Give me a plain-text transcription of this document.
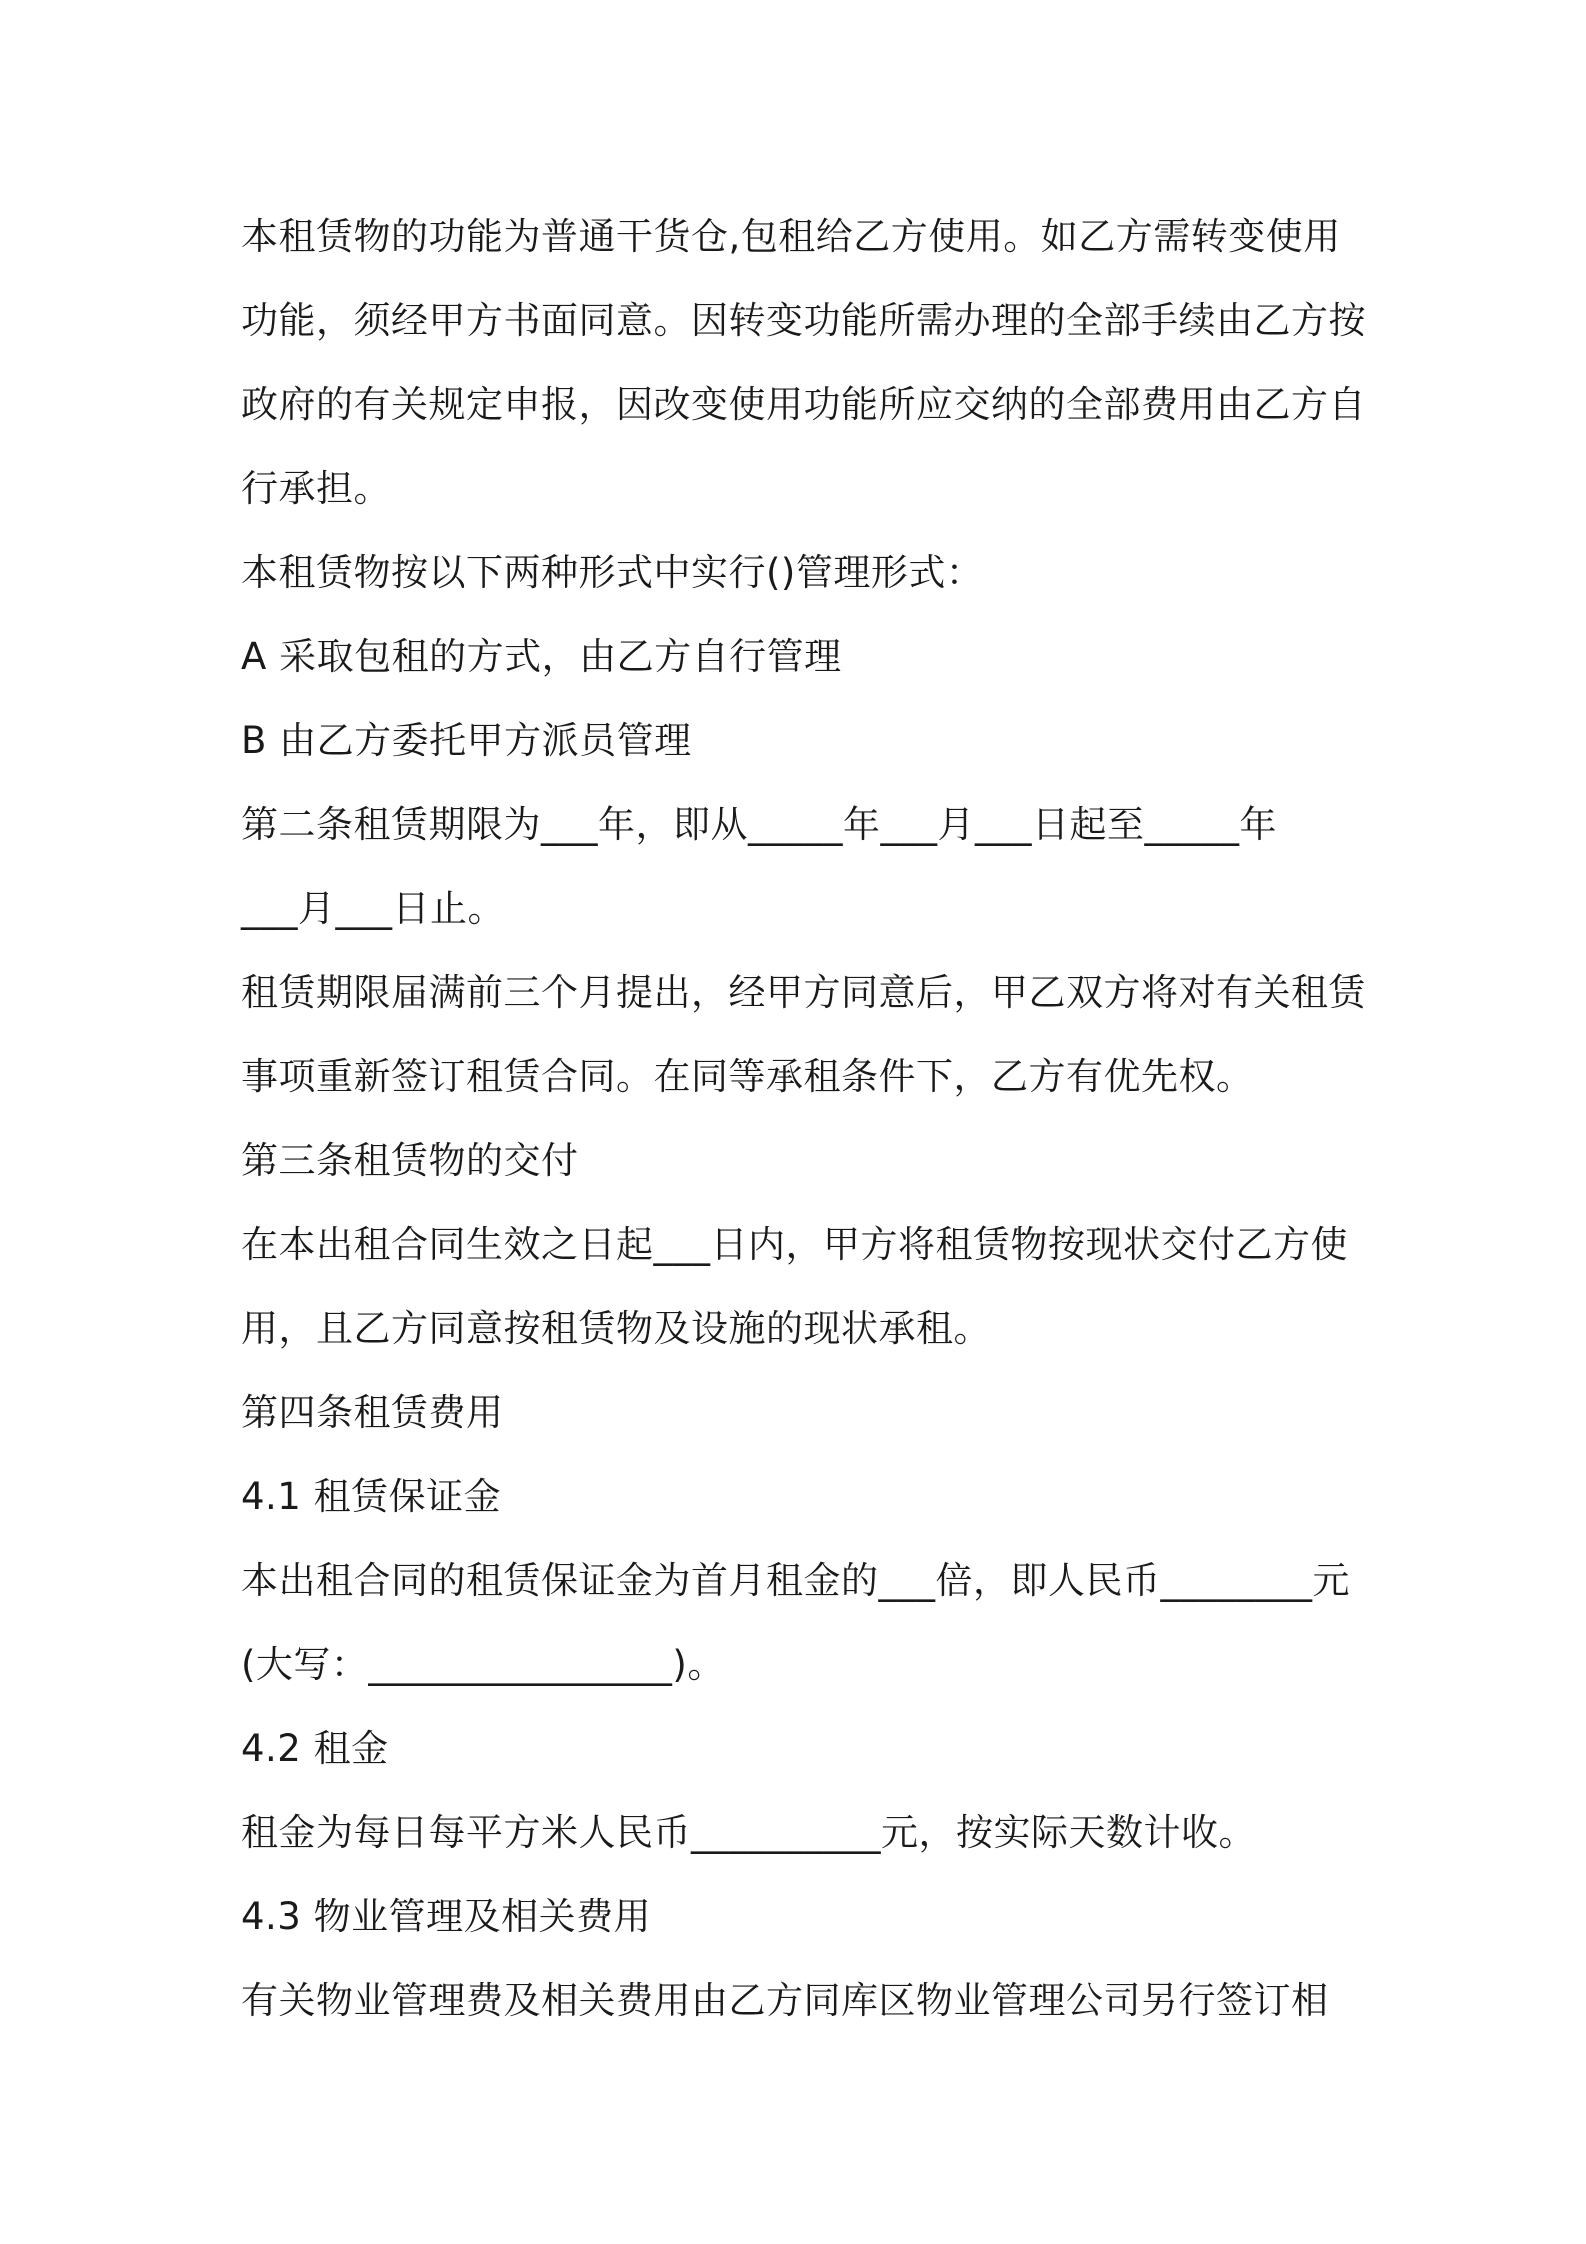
本租赁物的功能为普通干货仓,包租给乙方使用。如乙方需转变使用
功能，须经甲方书面同意。因转变功能所需办理的全部手续由乙方按
政府的有关规定申报，因改变使用功能所应交纳的全部费用由乙方自
行承担。
本租赁物按以下两种形式中实行()管理形式：
A 采取包租的方式，由乙方自行管理
B 由乙方委托甲方派员管理
第二条租赁期限为___年，即从_____年___月___日起至_____年
___月___日止。
租赁期限届满前三个月提出，经甲方同意后，甲乙双方将对有关租赁
事项重新签订租赁合同。在同等承租条件下，乙方有优先权。
第三条租赁物的交付
在本出租合同生效之日起___日内，甲方将租赁物按现状交付乙方使
用，且乙方同意按租赁物及设施的现状承租。
第四条租赁费用
4.1 租赁保证金
本出租合同的租赁保证金为首月租金的___倍，即人民币________元
(大写：________________)。
4.2 租金
租金为每日每平方米人民币__________元，按实际天数计收。
4.3 物业管理及相关费用
有关物业管理费及相关费用由乙方同库区物业管理公司另行签订相
